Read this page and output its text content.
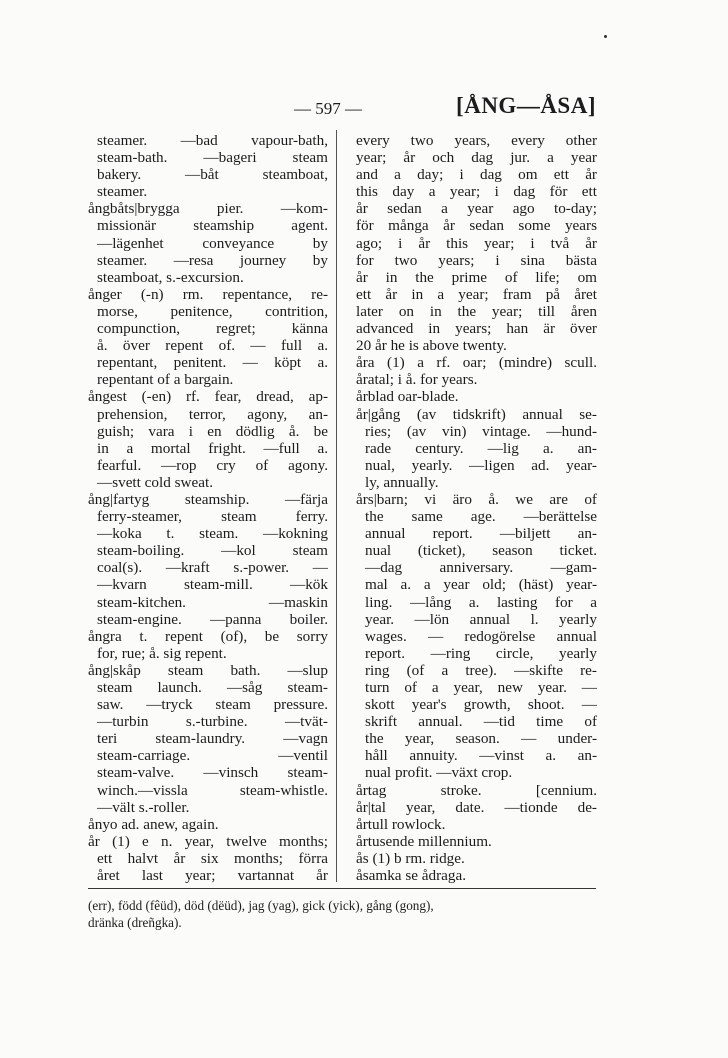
— 597 —	[ÅNG—ÅSA]
steamer. —bad vapour-bath,
steam-bath. —bageri steam
bakery. —båt steamboat,
steamer.
ångbåts|brygga pier. —kom-
missionär steamship agent.
—lägenhet conveyance by
steamer. —resa journey by
steamboat, s.-excursion.
ånger (-n) rm. repentance, re-
morse, penitence, contrition,
compunction, regret; känna
å. över repent of. — full a.
repentant, penitent. — köpt a.
repentant of a bargain.
ångest (-en) rf. fear, dread, ap-
prehension, terror, agony, an-
guish; vara i en dödlig å. be
in a mortal fright. —full a.
fearful. —rop cry of agony.
—svett cold sweat.
ång|fartyg steamship. —färja
ferry-steamer, steam ferry.
—koka t. steam. —kokning
steam-boiling. —kol steam
coal(s). —kraft s.-power. —
—kvarn steam-mill. —kök
steam-kitchen. —maskin
steam-engine. —panna boiler.
ångra t. repent (of), be sorry
for, rue; å. sig repent.
ång|skåp steam bath. —slup
steam launch. —såg steam-
saw. —tryck steam pressure.
—turbin s.-turbine. —tvät-
teri steam-laundry. —vagn
steam-carriage. —ventil
steam-valve. —vinsch steam-
winch.—vissla steam-whistle.
—vält s.-roller.
ånyo ad. anew, again.
år (1) e n. year, twelve months;
ett halvt år six months; förra
året last year; vartannat år
every two years, every other
year; år och dag jur. a year
and a day; i dag om ett år
this day a year; i dag för ett
år sedan a year ago to-day;
för många år sedan some years
ago; i år this year; i två år
for two years; i sina bästa
år in the prime of life; om
ett år in a year; fram på året
later on in the year; till åren
advanced in years; han är över
20 år he is above twenty.
åra (1) a rf. oar; (mindre) scull.
åratal; i å. for years.
årblad oar-blade.
år|gång (av tidskrift) annual se-
ries; (av vin) vintage. —hund-
rade century. —lig a. an-
nual, yearly. —ligen ad. year-
ly, annually.
års|barn; vi äro å. we are of
the same age. —berättelse
annual report. —biljett an-
nual (ticket), season ticket.
—dag anniversary. —gam-
mal a. a year old; (häst) year-
ling. —lång a. lasting for a
year. —lön annual l. yearly
wages. — redogörelse annual
report. —ring circle, yearly
ring (of a tree). —skifte re-
turn of a year, new year. —
skott year's growth, shoot. —
skrift annual. —tid time of
the year, season. — under-
håll annuity. —vinst a. an-
nual profit. —växt crop.
årtag stroke. [cennium.
år|tal year, date. —tionde de-
årtull rowlock.
årtusende millennium.
ås (1) b rm. ridge.
åsamka se ådraga.
(err), född (fêüd), död (dëüd), jag (yag), gick (yick), gång (gong),
dränka (dreñgka).
